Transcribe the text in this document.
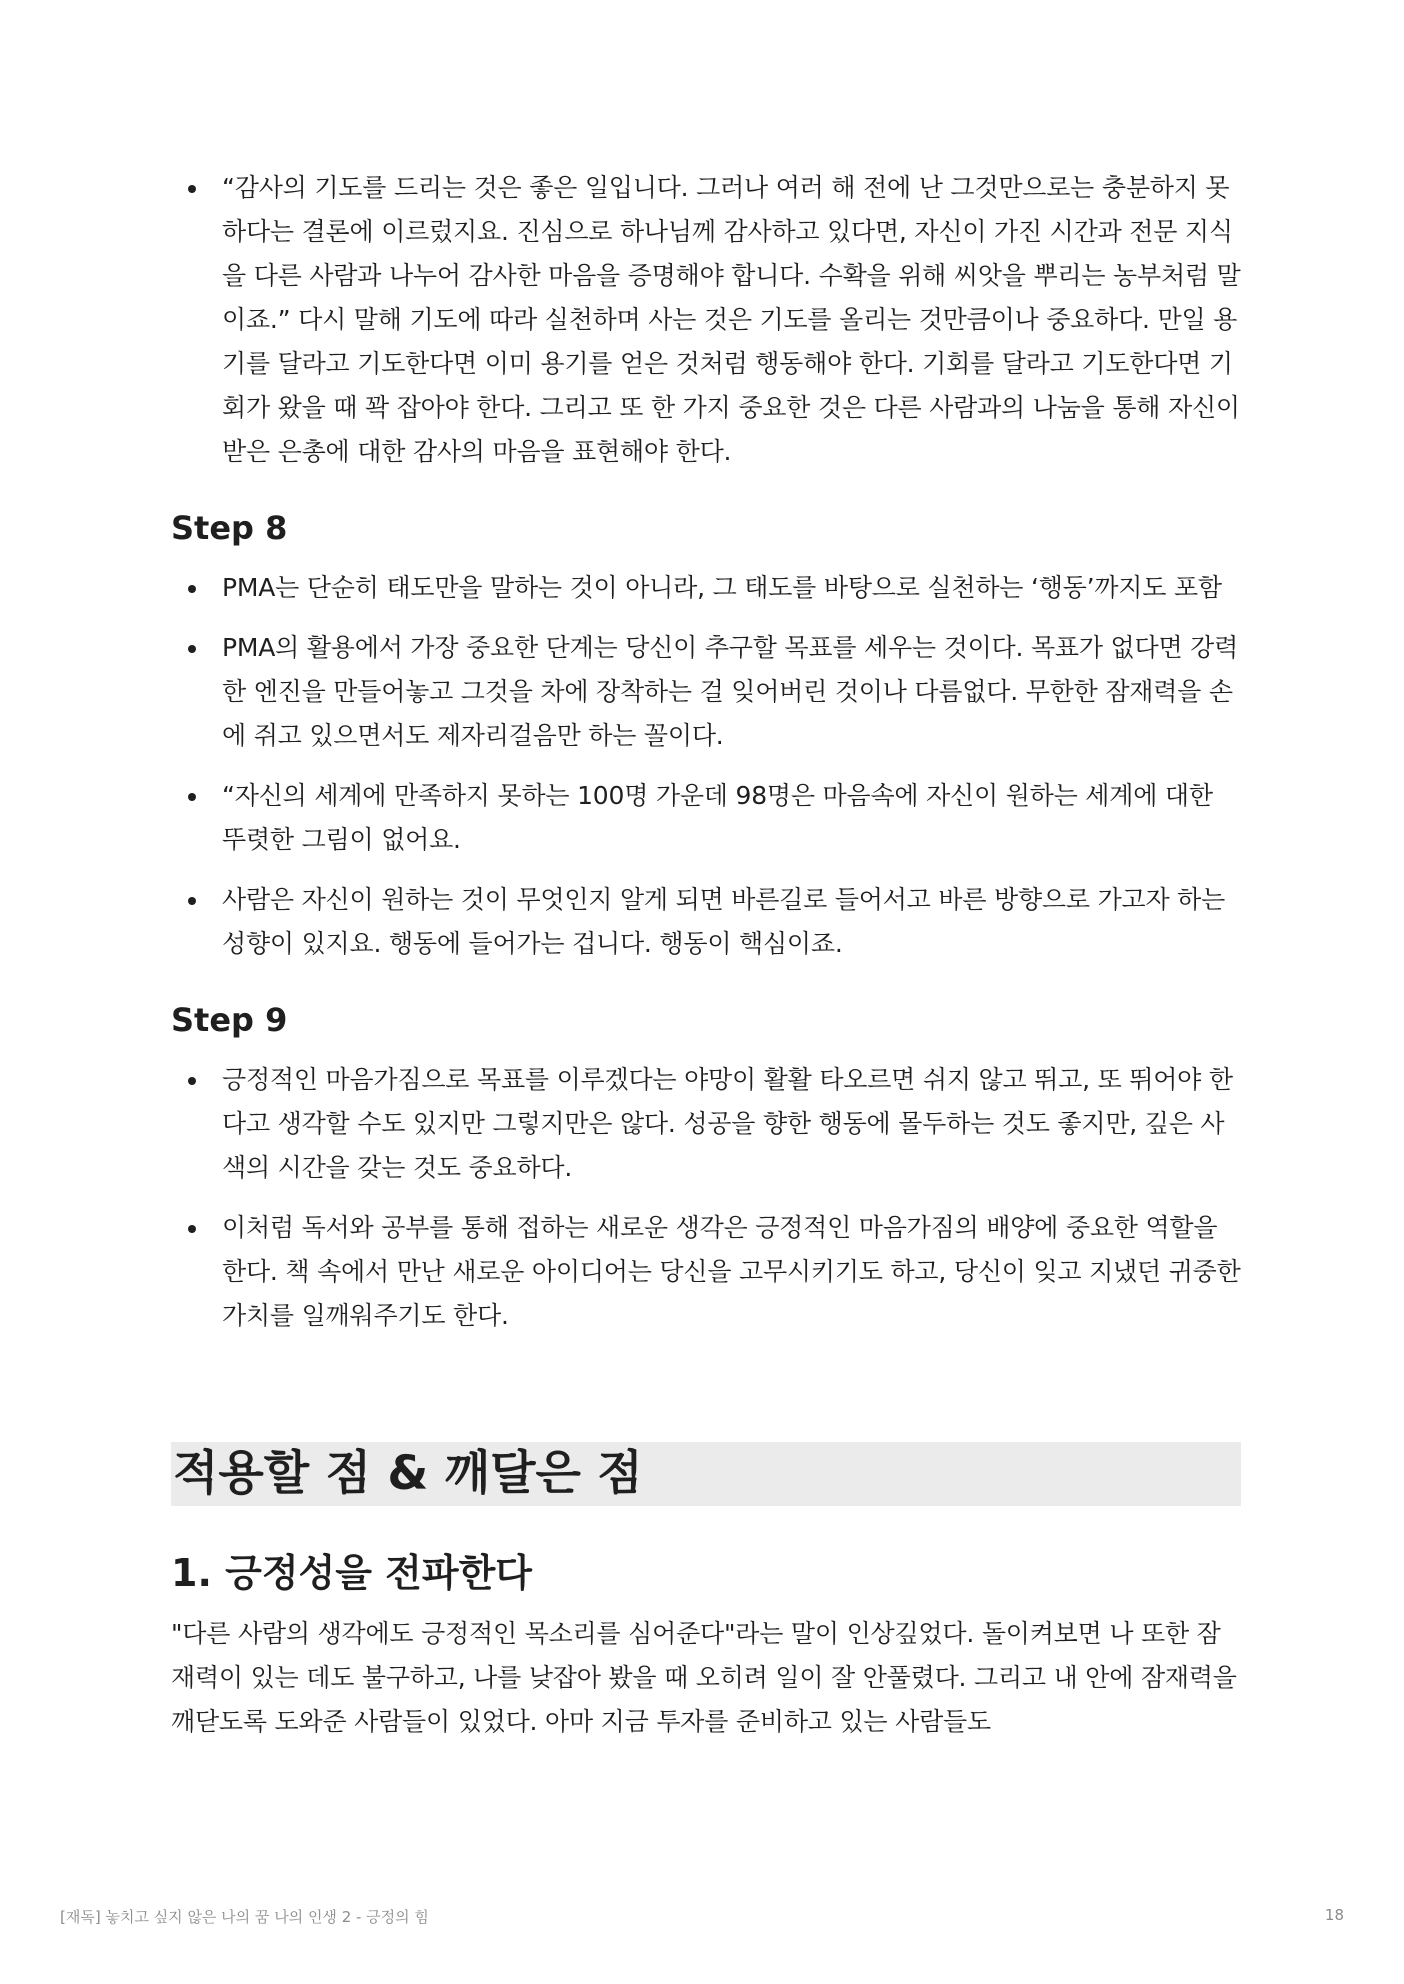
“감사의 기도를 드리는 것은 좋은 일입니다. 그러나 여러 해 전에 난 그것만으로는 충분하지 못하다는 결론에 이르렀지요. 진심으로 하나님께 감사하고 있다면, 자신이 가진 시간과 전문 지식을 다른 사람과 나누어 감사한 마음을 증명해야 합니다. 수확을 위해 씨앗을 뿌리는 농부처럼 말이죠.” 다시 말해 기도에 따라 실천하며 사는 것은 기도를 올리는 것만큼이나 중요하다. 만일 용기를 달라고 기도한다면 이미 용기를 얻은 것처럼 행동해야 한다. 기회를 달라고 기도한다면 기회가 왔을 때 꽉 잡아야 한다. 그리고 또 한 가지 중요한 것은 다른 사람과의 나눔을 통해 자신이 받은 은총에 대한 감사의 마음을 표현해야 한다.
Step 8
PMA는 단순히 태도만을 말하는 것이 아니라, 그 태도를 바탕으로 실천하는 ‘행동’까지도 포함
PMA의 활용에서 가장 중요한 단계는 당신이 추구할 목표를 세우는 것이다. 목표가 없다면 강력한 엔진을 만들어놓고 그것을 차에 장착하는 걸 잊어버린 것이나 다름없다. 무한한 잠재력을 손에 쥐고 있으면서도 제자리걸음만 하는 꼴이다.
“자신의 세계에 만족하지 못하는 100명 가운데 98명은 마음속에 자신이 원하는 세계에 대한 뚜렷한 그림이 없어요.
사람은 자신이 원하는 것이 무엇인지 알게 되면 바른길로 들어서고 바른 방향으로 가고자 하는 성향이 있지요. 행동에 들어가는 겁니다. 행동이 핵심이죠.
Step 9
긍정적인 마음가짐으로 목표를 이루겠다는 야망이 활활 타오르면 쉬지 않고 뛰고, 또 뛰어야 한다고 생각할 수도 있지만 그렇지만은 않다. 성공을 향한 행동에 몰두하는 것도 좋지만, 깊은 사색의 시간을 갖는 것도 중요하다.
이처럼 독서와 공부를 통해 접하는 새로운 생각은 긍정적인 마음가짐의 배양에 중요한 역할을 한다. 책 속에서 만난 새로운 아이디어는 당신을 고무시키기도 하고, 당신이 잊고 지냈던 귀중한 가치를 일깨워주기도 한다.
적용할 점 & 깨달은 점
1. 긍정성을 전파한다
"다른 사람의 생각에도 긍정적인 목소리를 심어준다"라는 말이 인상깊었다. 돌이켜보면 나 또한 잠재력이 있는 데도 불구하고, 나를 낮잡아 봤을 때 오히려 일이 잘 안풀렸다. 그리고 내 안에 잠재력을 깨닫도록 도와준 사람들이 있었다. 아마 지금 투자를 준비하고 있는 사람들도
[재독] 놓치고 싶지 않은 나의 꿈 나의 인생 2 - 긍정의 힘	18
